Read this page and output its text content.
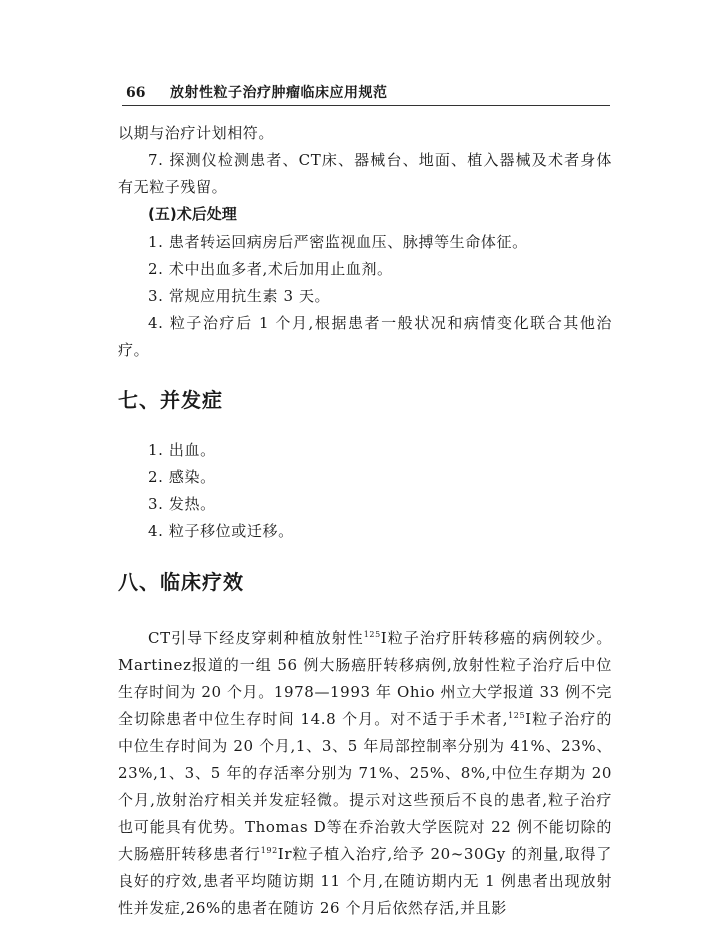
66 放射性粒子治疗肿瘤临床应用规范

以期与治疗计划相符。

7. 探测仪检测患者、CT床、器械台、地面、植入器械及术者身体有无粒子残留。

(五)术后处理
1. 患者转运回病房后严密监视血压、脉搏等生命体征。
2. 术中出血多者,术后加用止血剂。
3. 常规应用抗生素 3 天。

4. 粒子治疗后 1 个月,根据患者一般状况和病情变化联合其他治疗。

七、并发症
1. 出血。
2. 感染。
3. 发热。
4. 粒子移位或迁移。
八、临床疗效

CT引导下经皮穿刺种植放射性$^{125}$I粒子治疗肝转移癌的病例较少。Martinez报道的一组 56 例大肠癌肝转移病例,放射性粒子治疗后中位生存时间为 20 个月。1978—1993 年 Ohio 州立大学报道 33 例不完全切除患者中位生存时间 14.8 个月。对不适于手术者,$^{125}$I粒子治疗的中位生存时间为 20 个月,1、3、5 年局部控制率分别为 41%、23%、23%,1、3、5 年的存活率分别为 71%、25%、8%,中位生存期为 20 个月,放射治疗相关并发症轻微。提示对这些预后不良的患者,粒子治疗也可能具有优势。Thomas D等在乔治敦大学医院对 22 例不能切除的大肠癌肝转移患者行$^{192}$Ir粒子植入治疗,给予 20~30Gy 的剂量,取得了良好的疗效,患者平均随访期 11 个月,在随访期内无 1 例患者出现放射性并发症,26%的患者在随访 26 个月后依然存活,并且影
